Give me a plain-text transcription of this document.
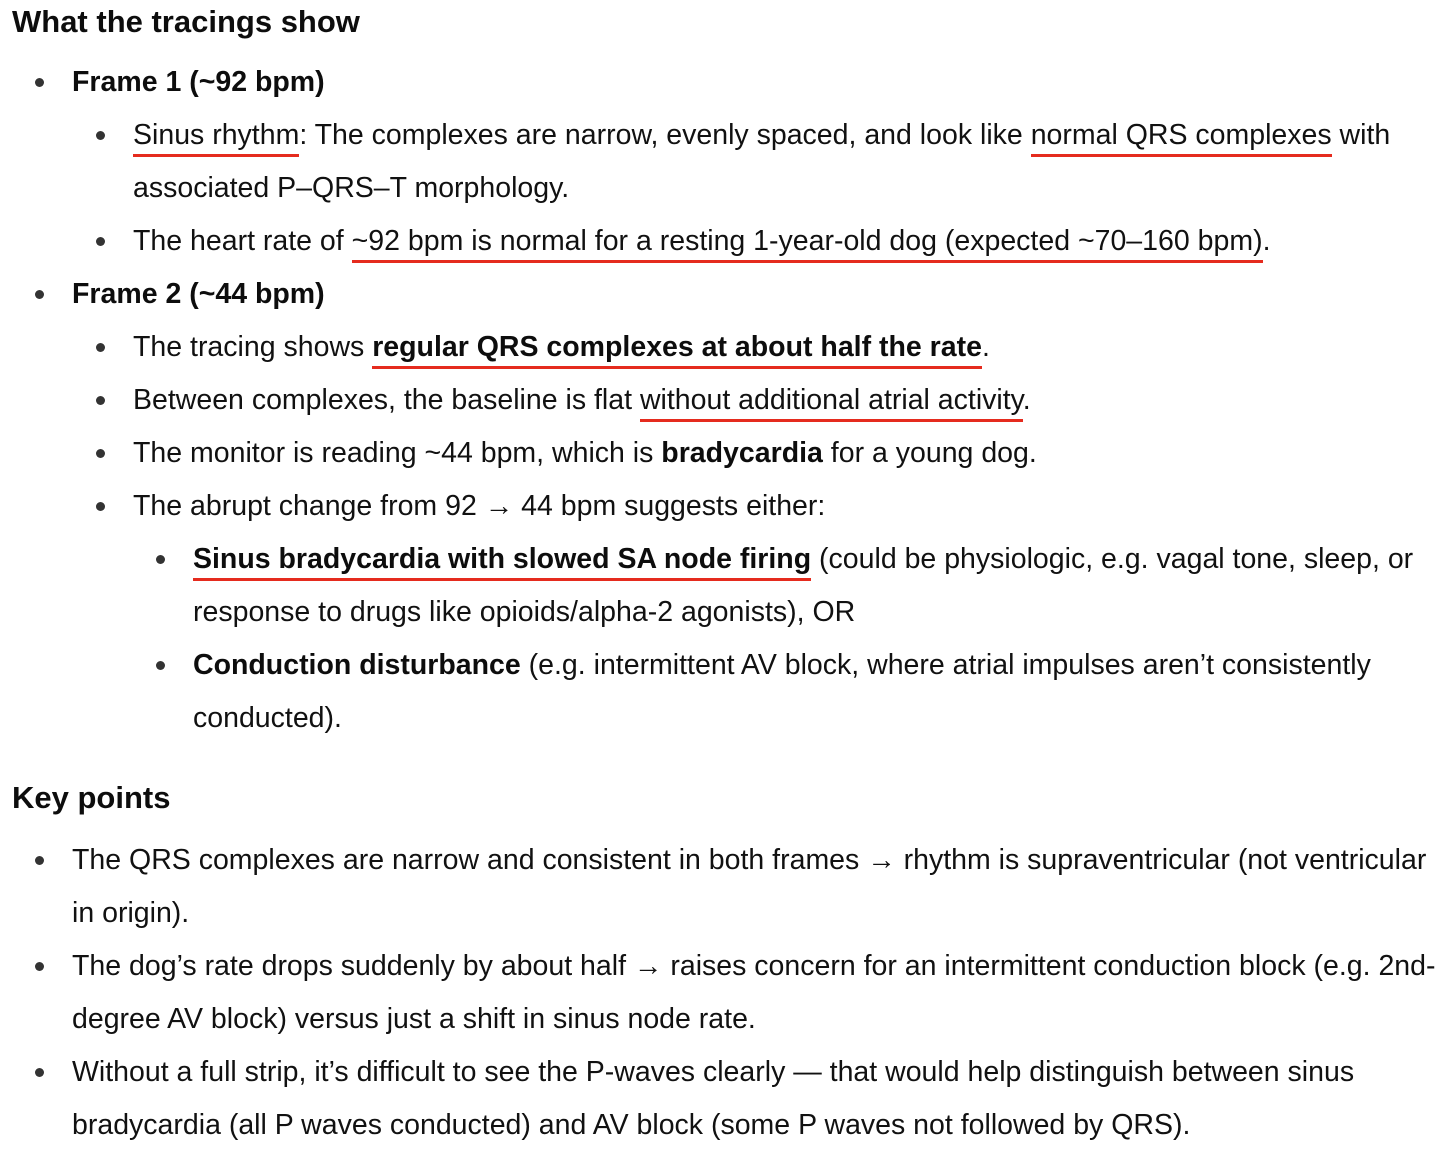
What the tracings show
Frame 1 (~92 bpm)
Sinus rhythm: The complexes are narrow, evenly spaced, and look like normal QRS complexes with associated P–QRS–T morphology.
The heart rate of ~92 bpm is normal for a resting 1-year-old dog (expected ~70–160 bpm).
Frame 2 (~44 bpm)
The tracing shows regular QRS complexes at about half the rate.
Between complexes, the baseline is flat without additional atrial activity.
The monitor is reading ~44 bpm, which is bradycardia for a young dog.
The abrupt change from 92 → 44 bpm suggests either:
Sinus bradycardia with slowed SA node firing (could be physiologic, e.g. vagal tone, sleep, or response to drugs like opioids/alpha-2 agonists), OR
Conduction disturbance (e.g. intermittent AV block, where atrial impulses aren’t consistently conducted).
Key points
The QRS complexes are narrow and consistent in both frames → rhythm is supraventricular (not ventricular in origin).
The dog’s rate drops suddenly by about half → raises concern for an intermittent conduction block (e.g. 2nd-degree AV block) versus just a shift in sinus node rate.
Without a full strip, it’s difficult to see the P-waves clearly — that would help distinguish between sinus bradycardia (all P waves conducted) and AV block (some P waves not followed by QRS).
